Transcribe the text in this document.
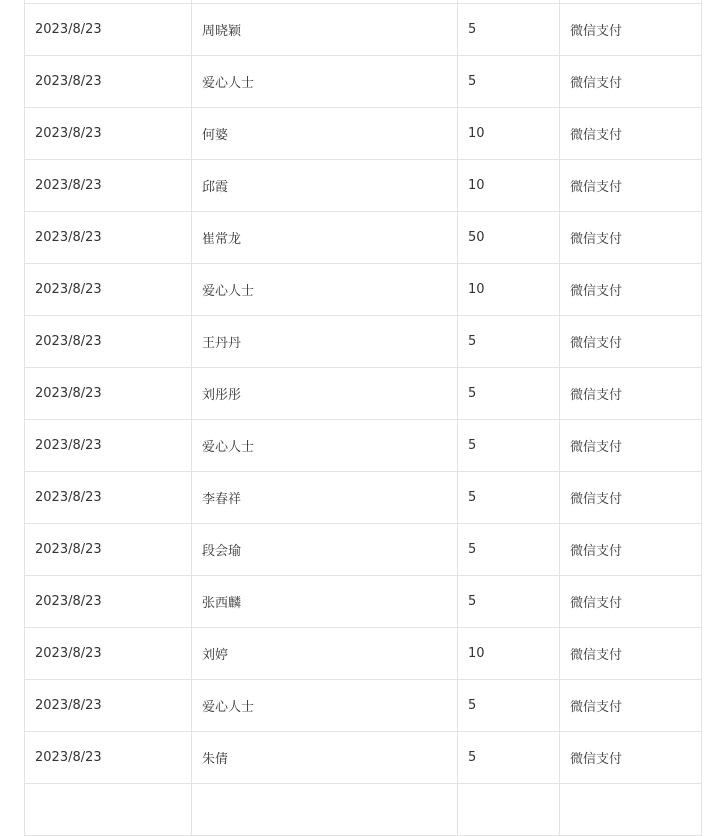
2023/8/23	周晓颖	5	微信支付
2023/8/23	爱心人士	5	微信支付
2023/8/23	何婆	10	微信支付
2023/8/23	邱霞	10	微信支付
2023/8/23	崔常龙	50	微信支付
2023/8/23	爱心人士	10	微信支付
2023/8/23	王丹丹	5	微信支付
2023/8/23	刘彤彤	5	微信支付
2023/8/23	爱心人士	5	微信支付
2023/8/23	李春祥	5	微信支付
2023/8/23	段会瑜	5	微信支付
2023/8/23	张西麟	5	微信支付
2023/8/23	刘婷	10	微信支付
2023/8/23	爱心人士	5	微信支付
2023/8/23	朱倩	5	微信支付
